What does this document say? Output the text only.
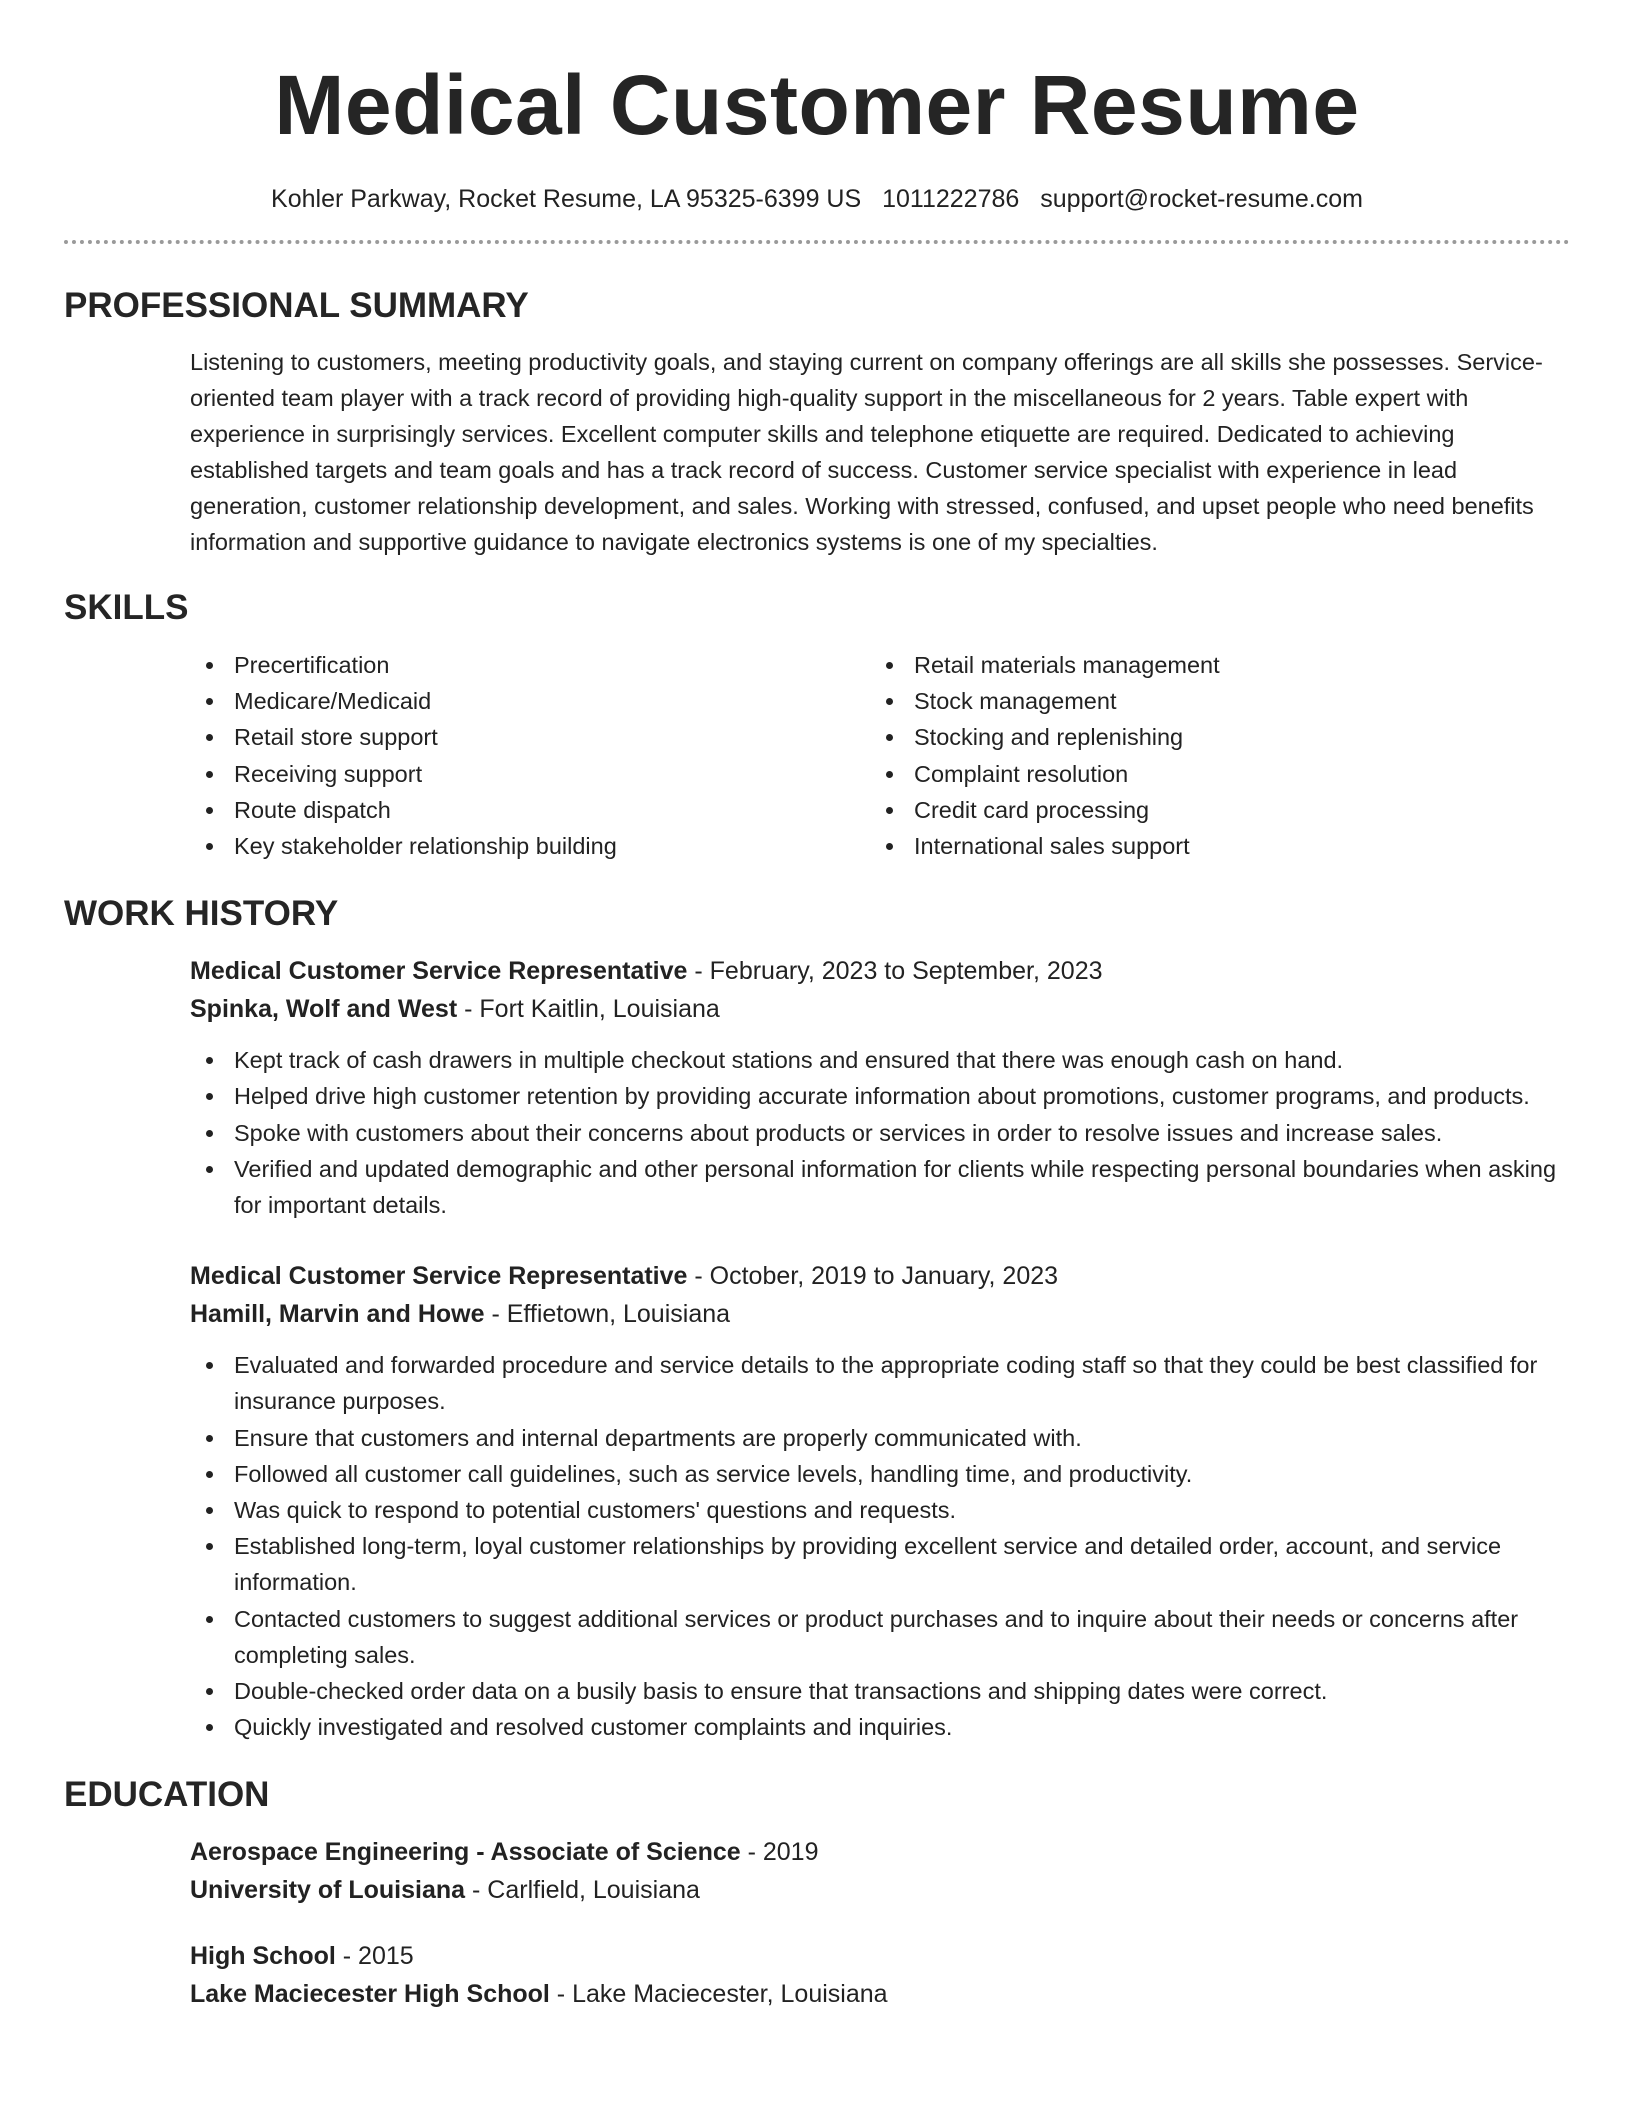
Medical Customer Resume
Kohler Parkway, Rocket Resume, LA 95325-6399 US 1011222786 support@rocket-resume.com
PROFESSIONAL SUMMARY
Listening to customers, meeting productivity goals, and staying current on company offerings are all skills she possesses. Service-oriented team player with a track record of providing high-quality support in the miscellaneous for 2 years. Table expert with experience in surprisingly services. Excellent computer skills and telephone etiquette are required. Dedicated to achieving established targets and team goals and has a track record of success. Customer service specialist with experience in lead generation, customer relationship development, and sales. Working with stressed, confused, and upset people who need benefits information and supportive guidance to navigate electronics systems is one of my specialties.
SKILLS
Precertification
Medicare/Medicaid
Retail store support
Receiving support
Route dispatch
Key stakeholder relationship building
Retail materials management
Stock management
Stocking and replenishing
Complaint resolution
Credit card processing
International sales support
WORK HISTORY
Medical Customer Service Representative - February, 2023 to September, 2023
Spinka, Wolf and West - Fort Kaitlin, Louisiana
Kept track of cash drawers in multiple checkout stations and ensured that there was enough cash on hand.
Helped drive high customer retention by providing accurate information about promotions, customer programs, and products.
Spoke with customers about their concerns about products or services in order to resolve issues and increase sales.
Verified and updated demographic and other personal information for clients while respecting personal boundaries when asking for important details.
Medical Customer Service Representative - October, 2019 to January, 2023
Hamill, Marvin and Howe - Effietown, Louisiana
Evaluated and forwarded procedure and service details to the appropriate coding staff so that they could be best classified for insurance purposes.
Ensure that customers and internal departments are properly communicated with.
Followed all customer call guidelines, such as service levels, handling time, and productivity.
Was quick to respond to potential customers' questions and requests.
Established long-term, loyal customer relationships by providing excellent service and detailed order, account, and service information.
Contacted customers to suggest additional services or product purchases and to inquire about their needs or concerns after completing sales.
Double-checked order data on a busily basis to ensure that transactions and shipping dates were correct.
Quickly investigated and resolved customer complaints and inquiries.
EDUCATION
Aerospace Engineering - Associate of Science - 2019
University of Louisiana - Carlfield, Louisiana
High School - 2015
Lake Maciecester High School - Lake Maciecester, Louisiana
